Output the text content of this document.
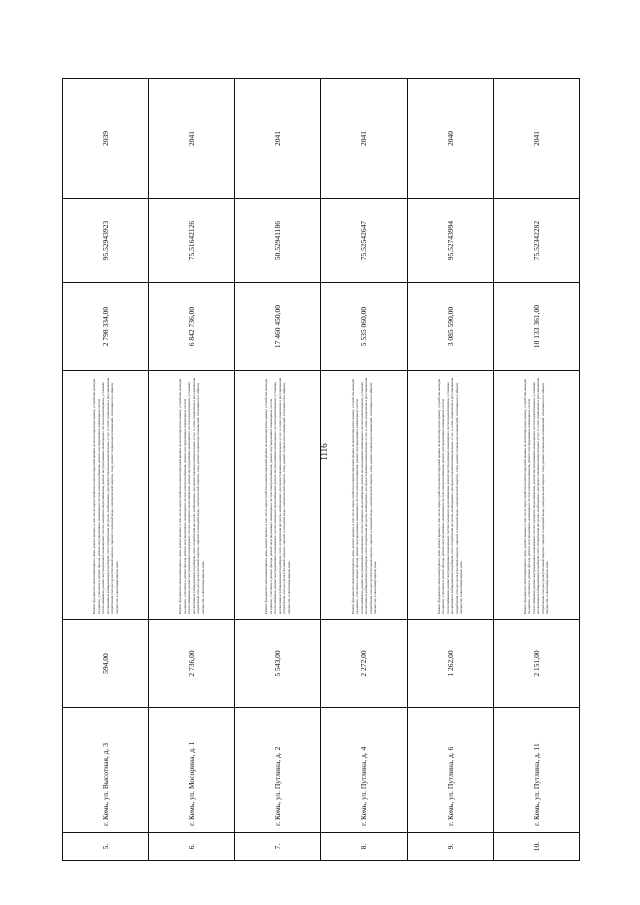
1116
5.	г. Кемь, ул. Высотная, д. 3	594,00	Ремонт фундамента многоквартирного дома, ремонт крыши, в том числе переустройство невентилируемой крыши на вентилируемую крышу, устройство выходов на кровлю, утепление и ремонт фасада, ремонт внутридомовых инженерных систем электроснабжения, ремонт внутридомовых инженерных систем теплоснабжения, ремонт внутридомовых инженерных систем холодного водоснабжения, ремонт внутридомовых инженерных систем водоотведения, установка коллективных (общедомовых) приборов учета потребления ресурсов, необходимых для предоставления коммунальных услуг, и узлов управления и регулирования потребления этих ресурсов (тепловой энергии, горячей и холодной воды, электрической энергии, газа), ремонт подвальных помещений, относящихся к общему имуществу в многоквартирном доме	2 798 334,00	95.52943923	2039
6.	г. Кемь, ул. Мосорина, д. 1	2 736,00	Ремонт фундамента многоквартирного дома, ремонт крыши, в том числе переустройство невентилируемой крыши на вентилируемую крышу, устройство выходов на кровлю, утепление и ремонт фасада, ремонт внутридомовых инженерных систем электроснабжения, ремонт внутридомовых инженерных систем теплоснабжения, ремонт внутридомовых инженерных систем холодного водоснабжения, ремонт внутридомовых инженерных систем водоотведения, установка коллективных (общедомовых) приборов учета потребления ресурсов, необходимых для предоставления коммунальных услуг, и узлов управления и регулирования потребления этих ресурсов (тепловой энергии, горячей и холодной воды, электрической энергии, газа), ремонт подвальных помещений, относящихся к общему имуществу в многоквартирном доме	6 842 736,00	75.51642126	2041
7.	г. Кемь, ул. Путлина, д. 2	5 543,00	Ремонт фундамента многоквартирного дома, ремонт крыши, в том числе переустройство невентилируемой крыши на вентилируемую крышу, устройство выходов на кровлю, утепление и ремонт фасада, ремонт внутридомовых инженерных систем электроснабжения, ремонт внутридомовых инженерных систем теплоснабжения, ремонт внутридомовых инженерных систем холодного водоснабжения, ремонт внутридомовых инженерных систем водоотведения, установка коллективных (общедомовых) приборов учета потребления ресурсов, необходимых для предоставления коммунальных услуг, и узлов управления и регулирования потребления этих ресурсов (тепловой энергии, горячей и холодной воды, электрической энергии, газа), ремонт подвальных помещений, относящихся к общему имуществу в многоквартирном доме	17 460 450,00	50.52941186	2041
8.	г. Кемь, ул. Путлина, д. 4	2 272,00	Ремонт фундамента многоквартирного дома, ремонт крыши, в том числе переустройство невентилируемой крыши на вентилируемую крышу, устройство выходов на кровлю, утепление и ремонт фасада, ремонт внутридомовых инженерных систем электроснабжения, ремонт внутридомовых инженерных систем теплоснабжения, ремонт внутридомовых инженерных систем холодного водоснабжения, ремонт внутридомовых инженерных систем водоотведения, установка коллективных (общедомовых) приборов учета потребления ресурсов, необходимых для предоставления коммунальных услуг, и узлов управления и регулирования потребления этих ресурсов (тепловой энергии, горячей и холодной воды, электрической энергии, газа), ремонт подвальных помещений, относящихся к общему имуществу в многоквартирном доме	5 535 060,00	75.52542647	2041
9.	г. Кемь, ул. Путлина, д. 6	1 262,00	Ремонт фундамента многоквартирного дома, ремонт крыши, в том числе переустройство невентилируемой крыши на вентилируемую крышу, устройство выходов на кровлю, утепление и ремонт фасада, ремонт внутридомовых инженерных систем электроснабжения, ремонт внутридомовых инженерных систем теплоснабжения, ремонт внутридомовых инженерных систем холодного водоснабжения, ремонт внутридомовых инженерных систем водоотведения, установка коллективных (общедомовых) приборов учета потребления ресурсов, необходимых для предоставления коммунальных услуг, и узлов управления и регулирования потребления этих ресурсов (тепловой энергии, горячей и холодной воды, электрической энергии, газа), ремонт подвальных помещений, относящихся к общему имуществу в многоквартирном доме	3 085 590,00	95.52743994	2040
10.	г. Кемь, ул. Путлина, д. 11	2 151,00	Ремонт фундамента многоквартирного дома, ремонт крыши, в том числе переустройство невентилируемой крыши на вентилируемую крышу, устройство выходов на кровлю, утепление и ремонт фасада, ремонт внутридомовых инженерных систем электроснабжения, ремонт внутридомовых инженерных систем теплоснабжения, ремонт внутридомовых инженерных систем холодного водоснабжения, ремонт внутридомовых инженерных систем водоотведения, установка коллективных (общедомовых) приборов учета потребления ресурсов, необходимых для предоставления коммунальных услуг, и узлов управления и регулирования потребления этих ресурсов (тепловой энергии, горячей и холодной воды, электрической энергии, газа), ремонт подвальных помещений, относящихся к общему имуществу в многоквартирном доме	10 133 361,00	75.52342282	2041
